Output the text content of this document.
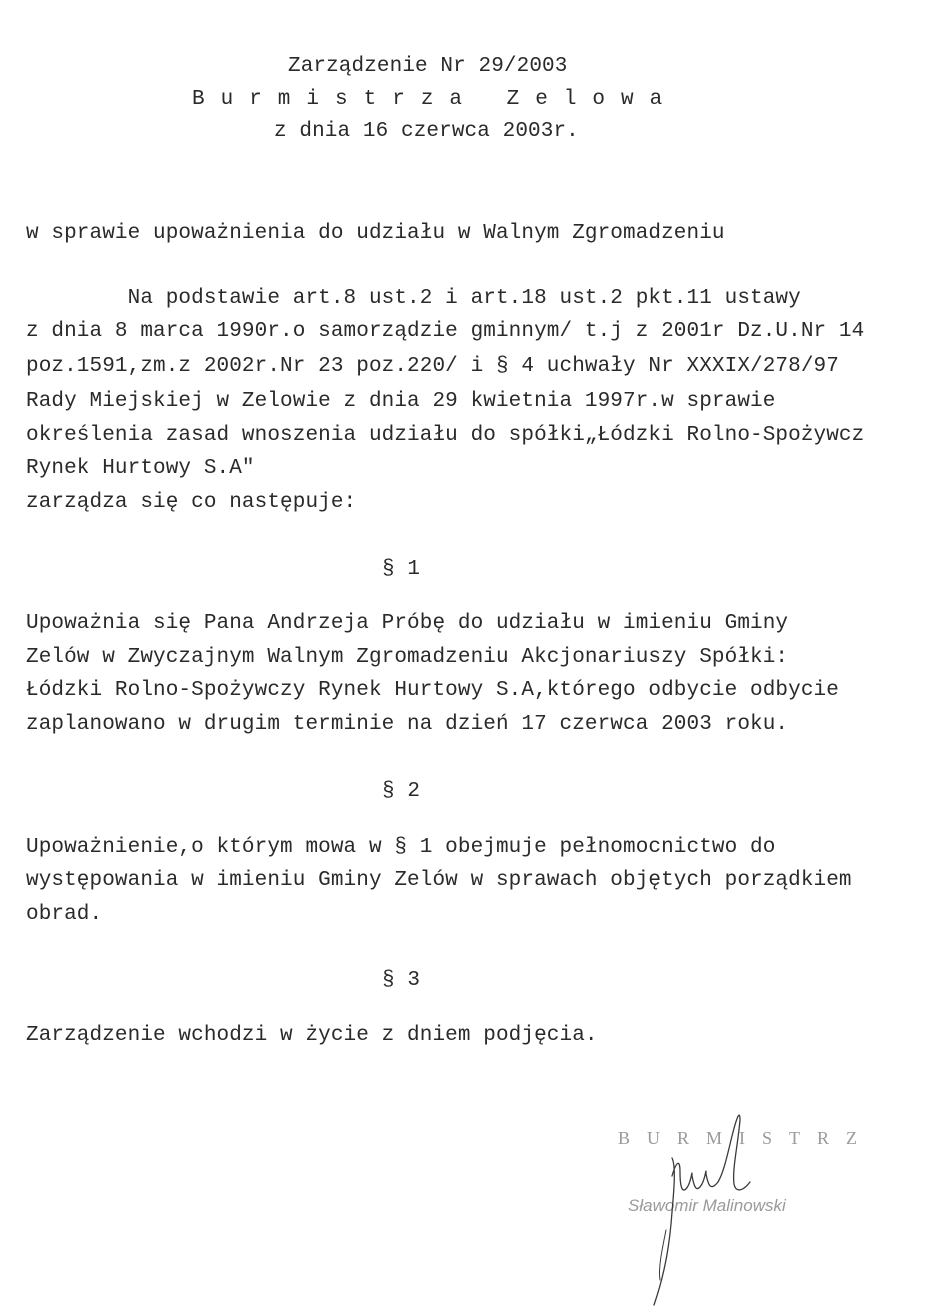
Zarządzenie Nr 29/2003
Burmistrza Zelowa
z dnia 16 czerwca 2003r.
w sprawie upoważnienia do udziału w Walnym Zgromadzeniu
Na podstawie art.8 ust.2 i art.18 ust.2 pkt.11 ustawy
z dnia 8 marca 1990r.o samorządzie gminnym/ t.j z 2001r Dz.U.Nr 14
poz.1591,zm.z 2002r.Nr 23 poz.220/ i § 4 uchwały Nr XXXIX/278/97
Rady Miejskiej w Zelowie z dnia 29 kwietnia 1997r.w sprawie
określenia zasad wnoszenia udziału do spółki„Łódzki Rolno-Spożywcz
Rynek Hurtowy S.A"
zarządza się co następuje:
§ 1
Upoważnia się Pana Andrzeja Próbę do udziału w imieniu Gminy
Zelów w Zwyczajnym Walnym Zgromadzeniu Akcjonariuszy Spółki:
Łódzki Rolno-Spożywczy Rynek Hurtowy S.A,którego odbycie odbycie
zaplanowano w drugim terminie na dzień 17 czerwca 2003 roku.
§ 2
Upoważnienie,o którym mowa w § 1 obejmuje pełnomocnictwo do
występowania w imieniu Gminy Zelów w sprawach objętych porządkiem
obrad.
§ 3
Zarządzenie wchodzi w życie z dniem podjęcia.
BURMISTRZ
Sławomir Malinowski
